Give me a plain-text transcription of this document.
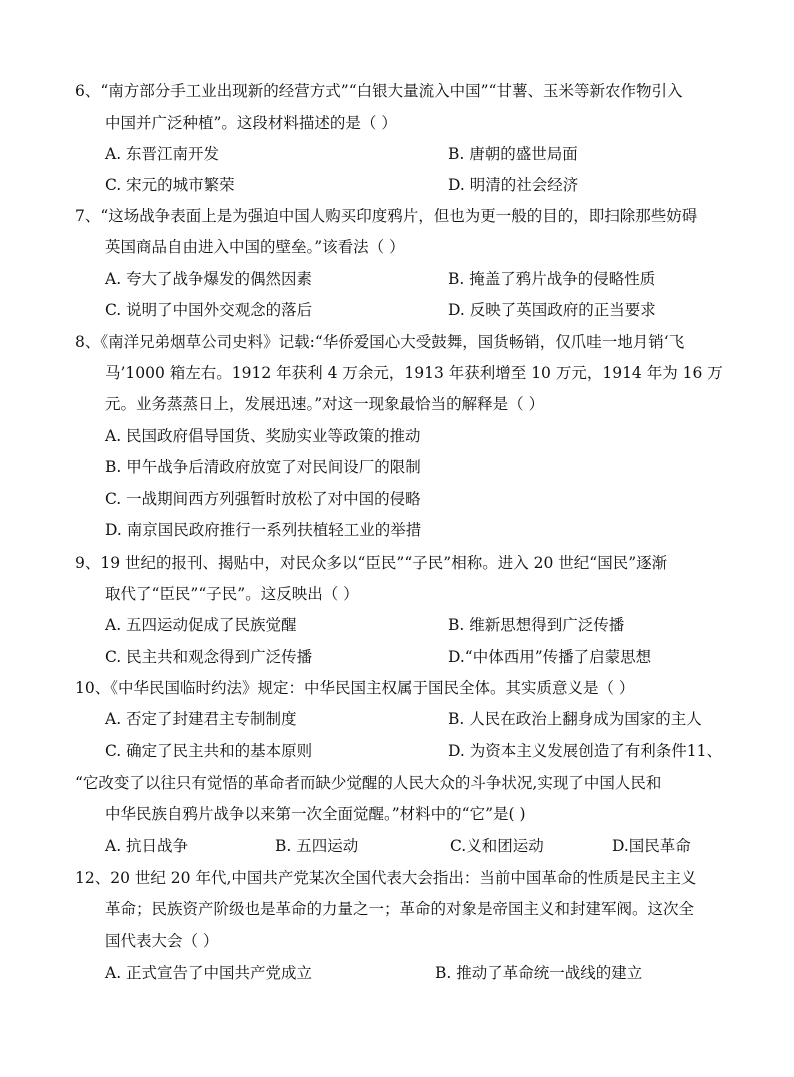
6、“南方部分手工业出现新的经营方式”“白银大量流入中国”“甘薯、玉米等新农作物引入
中国并广泛种植”。这段材料描述的是（ ）
A. 东晋江南开发	B. 唐朝的盛世局面
C. 宋元的城市繁荣	D. 明清的社会经济
7、“这场战争表面上是为强迫中国人购买印度鸦片，但也为更一般的目的，即扫除那些妨碍
英国商品自由进入中国的壁垒。”该看法（ ）
A. 夸大了战争爆发的偶然因素	B. 掩盖了鸦片战争的侵略性质
C. 说明了中国外交观念的落后	D. 反映了英国政府的正当要求
8、《南洋兄弟烟草公司史料》记载:“华侨爱国心大受鼓舞，国货畅销，仅爪哇一地月销‘飞
马’1000 箱左右。1912 年获利 4 万余元，1913 年获利增至 10 万元，1914 年为 16 万
元。业务蒸蒸日上，发展迅速。”对这一现象最恰当的解释是（ ）
A. 民国政府倡导国货、奖励实业等政策的推动
B. 甲午战争后清政府放宽了对民间设厂的限制
C. 一战期间西方列强暂时放松了对中国的侵略
D. 南京国民政府推行一系列扶植轻工业的举措
9、19 世纪的报刊、揭贴中，对民众多以“臣民”“子民”相称。进入 20 世纪“国民”逐渐
取代了“臣民”“子民”。这反映出（ ）
A. 五四运动促成了民族觉醒	B. 维新思想得到广泛传播
C. 民主共和观念得到广泛传播	D.“中体西用”传播了启蒙思想
10、《中华民国临时约法》规定：中华民国主权属于国民全体。其实质意义是（ ）
A. 否定了封建君主专制制度	B. 人民在政治上翻身成为国家的主人
C. 确定了民主共和的基本原则	D. 为资本主义发展创造了有利条件11、
“它改变了以往只有觉悟的革命者而缺少觉醒的人民大众的斗争状况,实现了中国人民和
中华民族自鸦片战争以来第一次全面觉醒。”材料中的“它”是( )
A. 抗日战争	B. 五四运动	C.义和团运动	D.国民革命
12、20 世纪 20 年代,中国共产党某次全国代表大会指出：当前中国革命的性质是民主主义
革命；民族资产阶级也是革命的力量之一；革命的对象是帝国主义和封建军阀。这次全
国代表大会（ ）
A. 正式宣告了中国共产党成立	B. 推动了革命统一战线的建立
